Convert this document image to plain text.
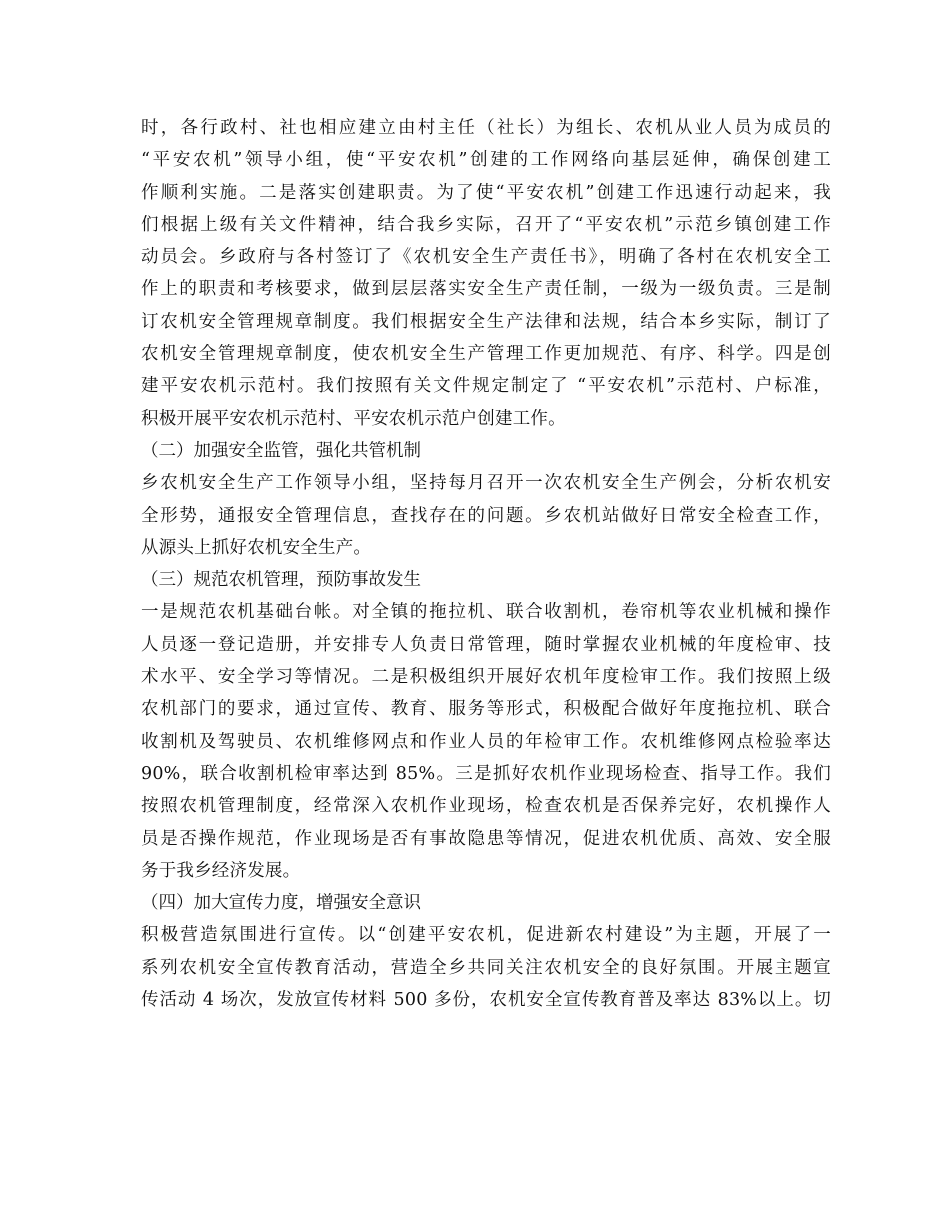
时，各行政村、社也相应建立由村主任（社长）为组长、农机从业人员为成员的
“平安农机”领导小组，使“平安农机”创建的工作网络向基层延伸，确保创建工
作顺利实施。二是落实创建职责。为了使“平安农机”创建工作迅速行动起来，我
们根据上级有关文件精神，结合我乡实际，召开了“平安农机”示范乡镇创建工作
动员会。乡政府与各村签订了《农机安全生产责任书》，明确了各村在农机安全工
作上的职责和考核要求，做到层层落实安全生产责任制，一级为一级负责。三是制
订农机安全管理规章制度。我们根据安全生产法律和法规，结合本乡实际，制订了
农机安全管理规章制度，使农机安全生产管理工作更加规范、有序、科学。四是创
建平安农机示范村。我们按照有关文件规定制定了 “平安农机”示范村、户标准，
积极开展平安农机示范村、平安农机示范户创建工作。
（二）加强安全监管，强化共管机制
乡农机安全生产工作领导小组，坚持每月召开一次农机安全生产例会，分析农机安
全形势，通报安全管理信息，查找存在的问题。乡农机站做好日常安全检查工作，
从源头上抓好农机安全生产。
（三）规范农机管理，预防事故发生
一是规范农机基础台帐。对全镇的拖拉机、联合收割机，卷帘机等农业机械和操作
人员逐一登记造册，并安排专人负责日常管理，随时掌握农业机械的年度检审、技
术水平、安全学习等情况。二是积极组织开展好农机年度检审工作。我们按照上级
农机部门的要求，通过宣传、教育、服务等形式，积极配合做好年度拖拉机、联合
收割机及驾驶员、农机维修网点和作业人员的年检审工作。农机维修网点检验率达
90%，联合收割机检审率达到 85%。三是抓好农机作业现场检查、指导工作。我们
按照农机管理制度，经常深入农机作业现场，检查农机是否保养完好，农机操作人
员是否操作规范，作业现场是否有事故隐患等情况，促进农机优质、高效、安全服
务于我乡经济发展。
（四）加大宣传力度，增强安全意识
积极营造氛围进行宣传。以“创建平安农机，促进新农村建设”为主题，开展了一
系列农机安全宣传教育活动，营造全乡共同关注农机安全的良好氛围。开展主题宣
传活动 4 场次，发放宣传材料 500 多份，农机安全宣传教育普及率达 83%以上。切
